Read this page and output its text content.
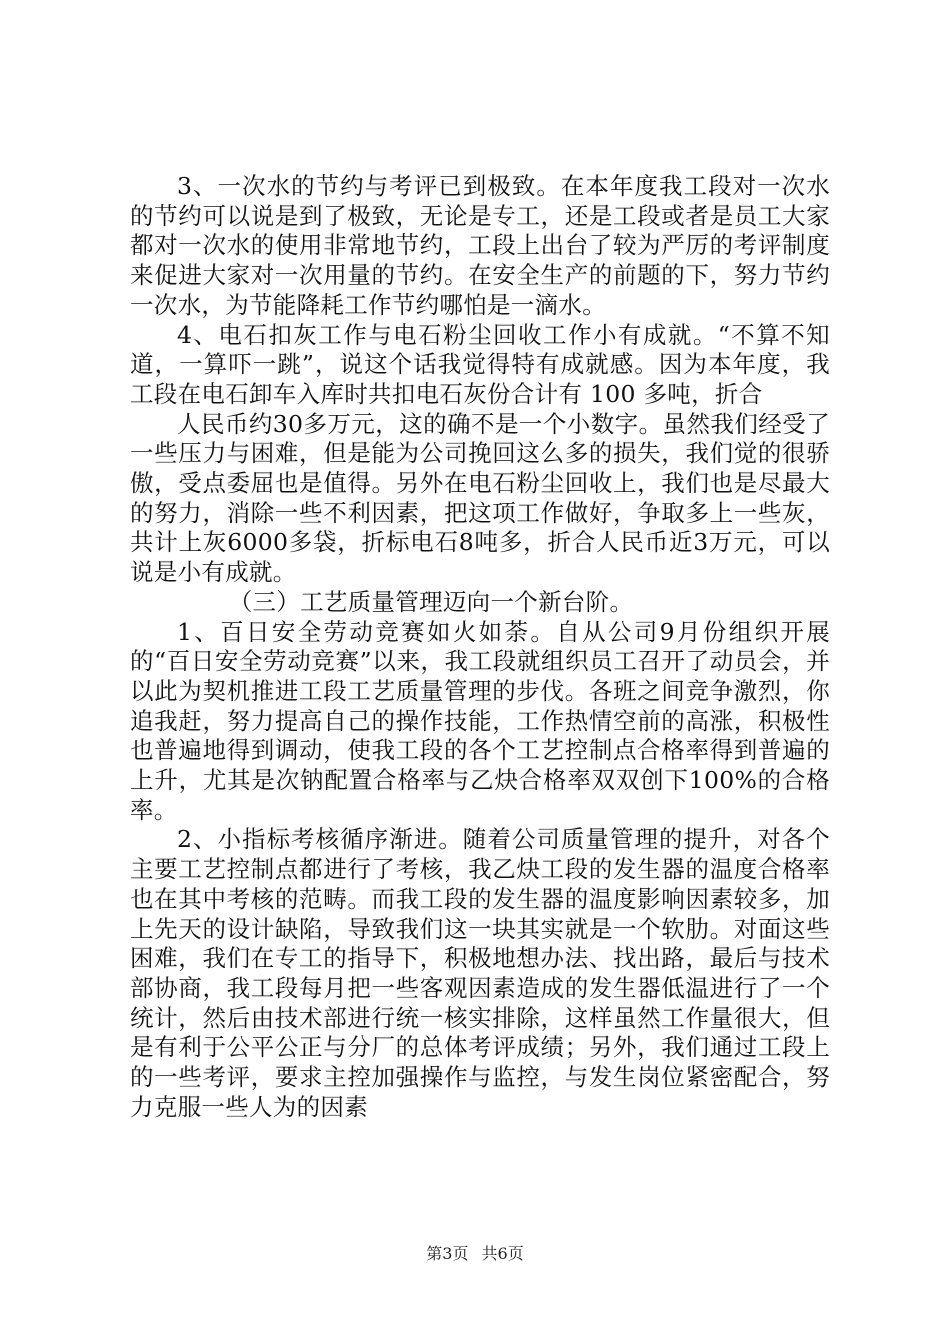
3、一次水的节约与考评已到极致。在本年度我工段对一次水的节约可以说是到了极致，无论是专工，还是工段或者是员工大家都对一次水的使用非常地节约，工段上出台了较为严厉的考评制度来促进大家对一次用量的节约。在安全生产的前题的下，努力节约一次水，为节能降耗工作节约哪怕是一滴水。

4、电石扣灰工作与电石粉尘回收工作小有成就。“不算不知道，一算吓一跳”，说这个话我觉得特有成就感。因为本年度，我工段在电石卸车入库时共扣电石灰份合计有 100 多吨，折合

人民币约30多万元，这的确不是一个小数字。虽然我们经受了一些压力与困难，但是能为公司挽回这么多的损失，我们觉的很骄傲，受点委屈也是值得。另外在电石粉尘回收上，我们也是尽最大的努力，消除一些不利因素，把这项工作做好，争取多上一些灰，共计上灰6000多袋，折标电石8吨多，折合人民币近3万元，可以说是小有成就。

（三）工艺质量管理迈向一个新台阶。

1、百日安全劳动竞赛如火如荼。自从公司9月份组织开展的“百日安全劳动竞赛”以来，我工段就组织员工召开了动员会，并以此为契机推进工段工艺质量管理的步伐。各班之间竞争激烈，你追我赶，努力提高自己的操作技能，工作热情空前的高涨，积极性也普遍地得到调动，使我工段的各个工艺控制点合格率得到普遍的上升，尤其是次钠配置合格率与乙炔合格率双双创下100%的合格率。

2、小指标考核循序渐进。随着公司质量管理的提升，对各个主要工艺控制点都进行了考核，我乙炔工段的发生器的温度合格率也在其中考核的范畴。而我工段的发生器的温度影响因素较多，加上先天的设计缺陷，导致我们这一块其实就是一个软肋。对面这些困难，我们在专工的指导下，积极地想办法、找出路，最后与技术部协商，我工段每月把一些客观因素造成的发生器低温进行了一个统计，然后由技术部进行统一核实排除，这样虽然工作量很大，但是有利于公平公正与分厂的总体考评成绩；另外，我们通过工段上的一些考评，要求主控加强操作与监控，与发生岗位紧密配合，努力克服一些人为的因素

第3页 共6页
